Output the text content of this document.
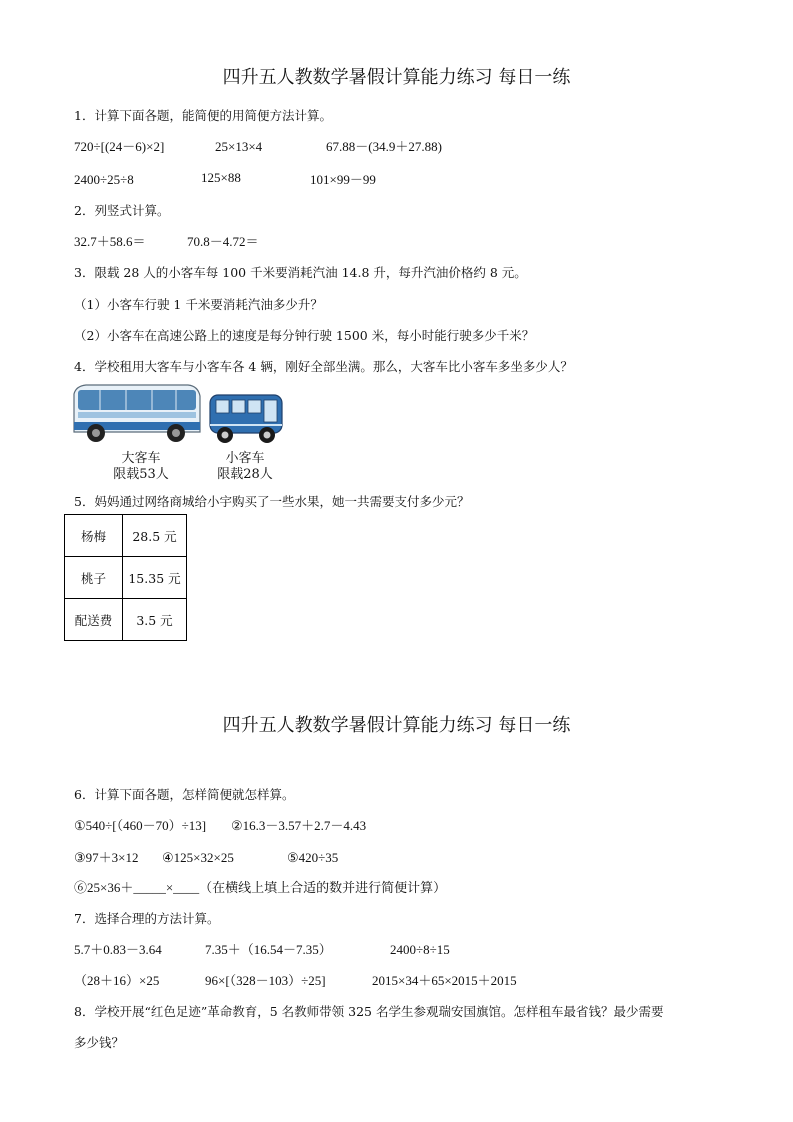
四升五人教数学暑假计算能力练习 每日一练
1．计算下面各题，能简便的用简便方法计算。
720÷[(24－6)×2]	25×13×4	67.88－(34.9＋27.88)
2400÷25÷8	125×88	101×99－99
2．列竖式计算。
32.7＋58.6＝	70.8－4.72＝
3．限载 28 人的小客车每 100 千米要消耗汽油 14.8 升，每升汽油价格约 8 元。
（1）小客车行驶 1 千米要消耗汽油多少升？
（2）小客车在高速公路上的速度是每分钟行驶 1500 米，每小时能行驶多少千米？
4．学校租用大客车与小客车各 4 辆，刚好全部坐满。那么，大客车比小客车多坐多少人？
大客车
限载53人
小客车
限载28人
5．妈妈通过网络商城给小宇购买了一些水果，她一共需要支付多少元？
杨梅	28.5 元
桃子	15.35 元
配送费	3.5 元
四升五人教数学暑假计算能力练习 每日一练
6．计算下面各题，怎样简便就怎样算。
①540÷[（460－70）÷13] ②16.3－3.57＋2.7－4.43
③97＋3×12 ④125×32×25	⑤420÷35
⑥25×36＋_____×____（在横线上填上合适的数并进行简便计算）
7．选择合理的方法计算。
5.7＋0.83－3.64	7.35＋（16.54－7.35）	2400÷8÷15
（28＋16）×25	96×[（328－103）÷25]	2015×34＋65×2015＋2015
8．学校开展“红色足迹”革命教育，5 名教师带领 325 名学生参观瑞安国旗馆。怎样租车最省钱？最少需要
多少钱？
